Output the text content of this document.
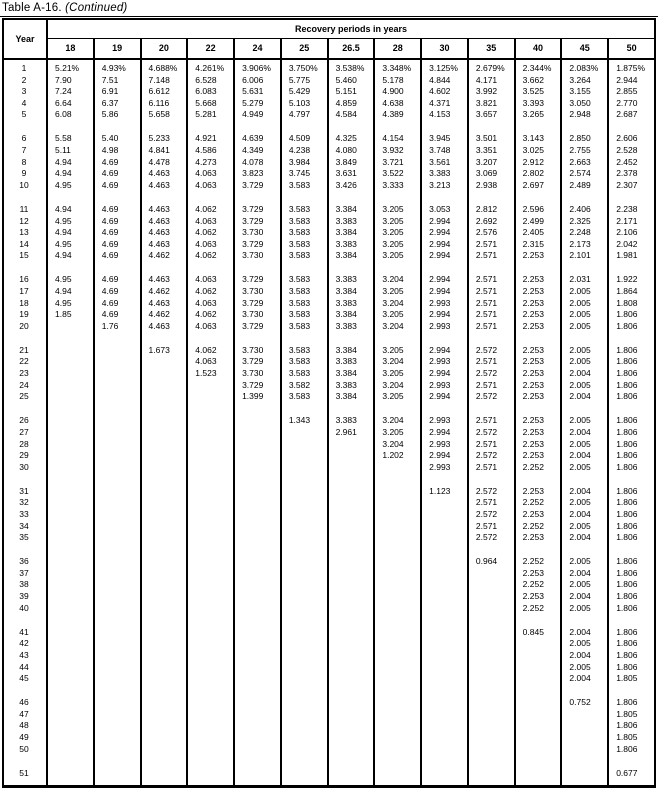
Table A-16. (Continued)
Year	Recovery periods in years												
	18	19	20	22	24	25	26.5	28	30	35	40	45	50

1	5.21%	4.93%	4.688%	4.261%	3.906%	3.750%	3.538%	3.348%	3.125%	2.679%	2.344%	2.083%	1.875%
2	7.90	7.51	7.148	6.528	6.006	5.775	5.460	5.178	4.844	4.171	3.662	3.264	2.944
3	7.24	6.91	6.612	6.083	5.631	5.429	5.151	4.900	4.602	3.992	3.525	3.155	2.855
4	6.64	6.37	6.116	5.668	5.279	5.103	4.859	4.638	4.371	3.821	3.393	3.050	2.770
5	6.08	5.86	5.658	5.281	4.949	4.797	4.584	4.389	4.153	3.657	3.265	2.948	2.687

6	5.58	5.40	5.233	4.921	4.639	4.509	4.325	4.154	3.945	3.501	3.143	2.850	2.606
7	5.11	4.98	4.841	4.586	4.349	4.238	4.080	3.932	3.748	3.351	3.025	2.755	2.528
8	4.94	4.69	4.478	4.273	4.078	3.984	3.849	3.721	3.561	3.207	2.912	2.663	2.452
9	4.94	4.69	4.463	4.063	3.823	3.745	3.631	3.522	3.383	3.069	2.802	2.574	2.378
10	4.95	4.69	4.463	4.063	3.729	3.583	3.426	3.333	3.213	2.938	2.697	2.489	2.307

11	4.94	4.69	4.463	4.062	3.729	3.583	3.384	3.205	3.053	2.812	2.596	2.406	2.238
12	4.95	4.69	4.463	4.063	3.729	3.583	3.383	3.205	2.994	2.692	2.499	2.325	2.171
13	4.94	4.69	4.463	4.062	3.730	3.583	3.384	3.205	2.994	2.576	2.405	2.248	2.106
14	4.95	4.69	4.463	4.063	3.729	3.583	3.383	3.205	2.994	2.571	2.315	2.173	2.042
15	4.94	4.69	4.462	4.062	3.730	3.583	3.384	3.205	2.994	2.571	2.253	2.101	1.981

16	4.95	4.69	4.463	4.063	3.729	3.583	3.383	3.204	2.994	2.571	2.253	2.031	1.922
17	4.94	4.69	4.462	4.062	3.730	3.583	3.384	3.205	2.994	2.571	2.253	2.005	1.864
18	4.95	4.69	4.463	4.063	3.729	3.583	3.383	3.204	2.993	2.571	2.253	2.005	1.808
19	1.85	4.69	4.462	4.062	3.730	3.583	3.384	3.205	2.994	2.571	2.253	2.005	1.806
20		1.76	4.463	4.063	3.729	3.583	3.383	3.204	2.993	2.571	2.253	2.005	1.806

21			1.673	4.062	3.730	3.583	3.384	3.205	2.994	2.572	2.253	2.005	1.806
22				4.063	3.729	3.583	3.383	3.204	2.993	2.571	2.253	2.005	1.806
23				1.523	3.730	3.583	3.384	3.205	2.994	2.572	2.253	2.004	1.806
24					3.729	3.582	3.383	3.204	2.993	2.571	2.253	2.005	1.806
25					1.399	3.583	3.384	3.205	2.994	2.572	2.253	2.004	1.806

26						1.343	3.383	3.204	2.993	2.571	2.253	2.005	1.806
27							2.961	3.205	2.994	2.572	2.253	2.004	1.806
28								3.204	2.993	2.571	2.253	2.005	1.806
29								1.202	2.994	2.572	2.253	2.004	1.806
30									2.993	2.571	2.252	2.005	1.806

31									1.123	2.572	2.253	2.004	1.806
32										2.571	2.252	2.005	1.806
33										2.572	2.253	2.004	1.806
34										2.571	2.252	2.005	1.806
35										2.572	2.253	2.004	1.806

36										0.964	2.252	2.005	1.806
37											2.253	2.004	1.806
38											2.252	2.005	1.806
39											2.253	2.004	1.806
40											2.252	2.005	1.806

41											0.845	2.004	1.806
42												2.005	1.806
43												2.004	1.806
44												2.005	1.806
45												2.004	1.805

46												0.752	1.806
47													1.805
48													1.806
49													1.805
50													1.806

51													0.677
